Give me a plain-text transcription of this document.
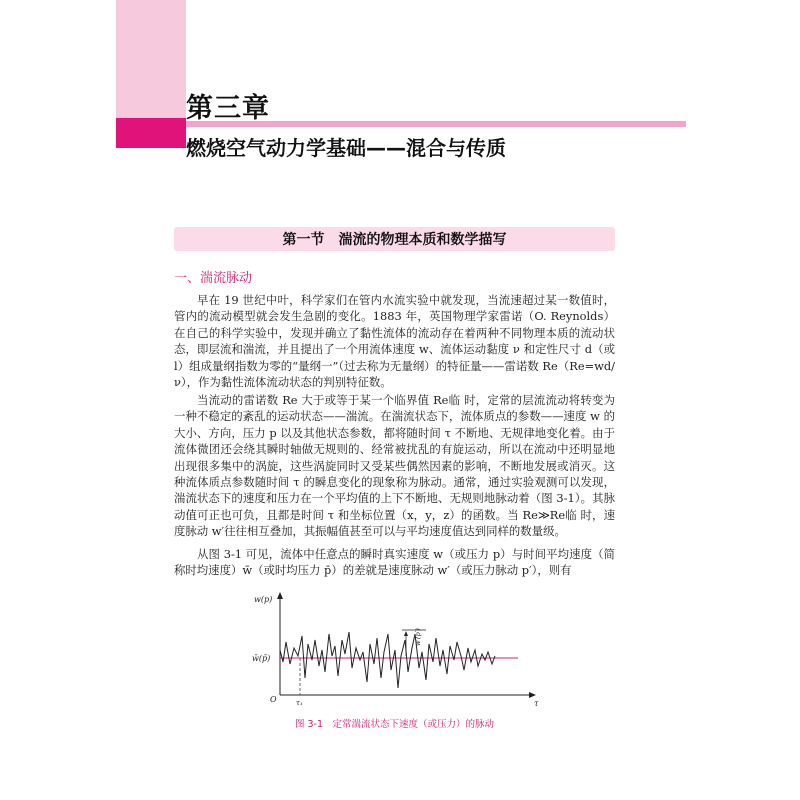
第三章
燃烧空气动力学基础——混合与传质
第一节　湍流的物理本质和数学描写
一、湍流脉动

早在 19 世纪中叶，科学家们在管内水流实验中就发现，当流速超过某一数值时，管内的流动模型就会发生急剧的变化。1883 年，英国物理学家雷诺（O. Reynolds）在自己的科学实验中，发现并确立了黏性流体的流动存在着两种不同物理本质的流动状态，即层流和湍流，并且提出了一个用流体速度 w、流体运动黏度 ν 和定性尺寸 d（或 l）组成量纲指数为零的“量纲一”（过去称为无量纲）的特征量——雷诺数 Re（Re=wd/ν），作为黏性流体流动状态的判别特征数。

当流动的雷诺数 Re 大于或等于某一个临界值 Re临 时，定常的层流流动将转变为一种不稳定的紊乱的运动状态——湍流。在湍流状态下，流体质点的参数——速度 w 的大小、方向，压力 p 以及其他状态参数，都将随时间 τ 不断地、无规律地变化着。由于流体微团还会绕其瞬时轴做无规则的、经常被扰乱的有旋运动，所以在流动中还明显地出现很多集中的涡旋，这些涡旋同时又受某些偶然因素的影响，不断地发展或消灭。这种流体质点参数随时间 τ 的瞬息变化的现象称为脉动。通常，通过实验观测可以发现，湍流状态下的速度和压力在一个平均值的上下不断地、无规则地脉动着（图 3-1）。其脉动值可正也可负，且都是时间 τ 和坐标位置（x，y，z）的函数。当 Re≫Re临 时，速度脉动 w′往往相互叠加，其振幅值甚至可以与平均速度值达到同样的数量级。

从图 3-1 可见，流体中任意点的瞬时真实速度 w（或压力 p）与时间平均速度（简称时均速度）w̄（或时均压力 p̄）的差就是速度脉动 w′（或压力脉动 p′），则有

w(p)
w̄(p̄)
w′(p′)
O	τ
τ₁
图 3-1　定常湍流状态下速度（或压力）的脉动
